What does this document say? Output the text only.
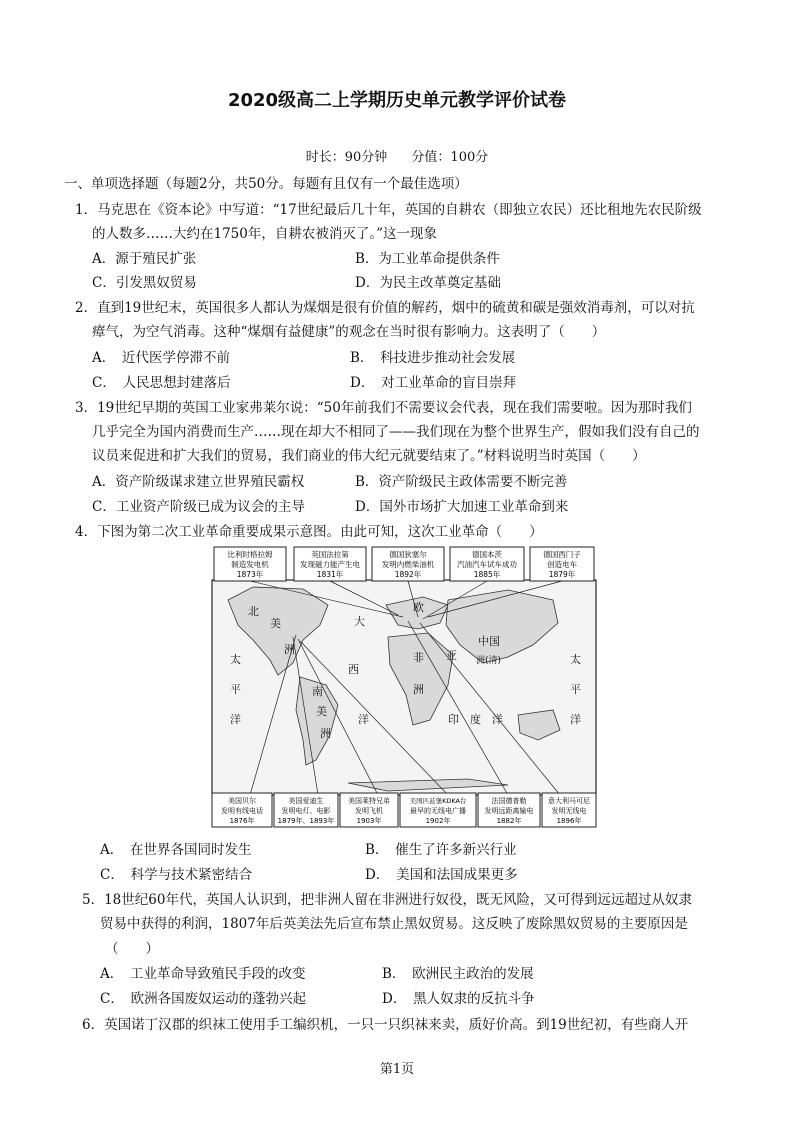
2020级高二上学期历史单元教学评价试卷
时长：90分钟 分值：100分
一、单项选择题（每题2分，共50分。每题有且仅有一个最佳选项）
1．马克思在《资本论》中写道：“17世纪最后几十年，英国的自耕农（即独立农民）还比租地先农民阶级
的人数多……大约在1750年，自耕农被消灭了。”这一现象
A．源于殖民扩张	B．为工业革命提供条件
C．引发黑奴贸易	D．为民主改革奠定基础
2．直到19世纪末，英国很多人都认为煤烟是很有价值的解药，烟中的硫黄和碳是强效消毒剂，可以对抗
瘴气，为空气消毒。这种“煤烟有益健康”的观念在当时很有影响力。这表明了（　　）
A．　近代医学停滞不前	B．　科技进步推动社会发展
C．　人民思想封建落后	D．　对工业革命的盲目崇拜
3．19世纪早期的英国工业家弗莱尔说：“50年前我们不需要议会代表，现在我们需要啦。因为那时我们
几乎完全为国内消费而生产……现在却大不相同了——我们现在为整个世界生产，假如我们没有自己的
议员来促进和扩大我们的贸易，我们商业的伟大纪元就要结束了。”材料说明当时英国（　　）
A．资产阶级谋求建立世界殖民霸权	B．资产阶级民主政体需要不断完善
C．工业资产阶级已成为议会的主导	D．国外市场扩大加速工业革命到来
4．下图为第二次工业革命重要成果示意图。由此可知，这次工业革命（　　）
比利时格拉姆
制造发电机
1873年
英国法拉第
发现磁力能产生电
1831年
德国狄塞尔
发明内燃柴油机
1892年
德国本茨
汽油汽车试车成功
1885年
德国西门子
创造电车
1879年
太
平
洋
北
美
洲
大
西
洋
南
美
洲
非
洲
欧
亚
印 度 洋
中国
洲(清)	太
平
洋
美国贝尔
发明有线电话
1876年
美国爱迪生
发明电灯、电影
1879年、1893年
美国莱特兄弟
发明飞机
1903年
美国匹兹堡KDKA台
最早的无线电广播
1902年
法国德普勒
发明远距离输电
1882年
意大利马可尼
发明无线电
1896年
A．　在世界各国同时发生	B．　催生了许多新兴行业
C．　科学与技术紧密结合	D．　美国和法国成果更多
5．18世纪60年代，英国人认识到，把非洲人留在非洲进行奴役，既无风险，又可得到远远超过从奴隶
贸易中获得的利润，1807年后英美法先后宣布禁止黑奴贸易。这反映了废除黑奴贸易的主要原因是
（　　）
A．　工业革命导致殖民手段的改变	B．　欧洲民主政治的发展
C．　欧洲各国废奴运动的蓬勃兴起	D．　黑人奴隶的反抗斗争
6．英国诺丁汉郡的织袜工使用手工编织机，一只一只织袜来卖，质好价高。到19世纪初，有些商人开
第1页
